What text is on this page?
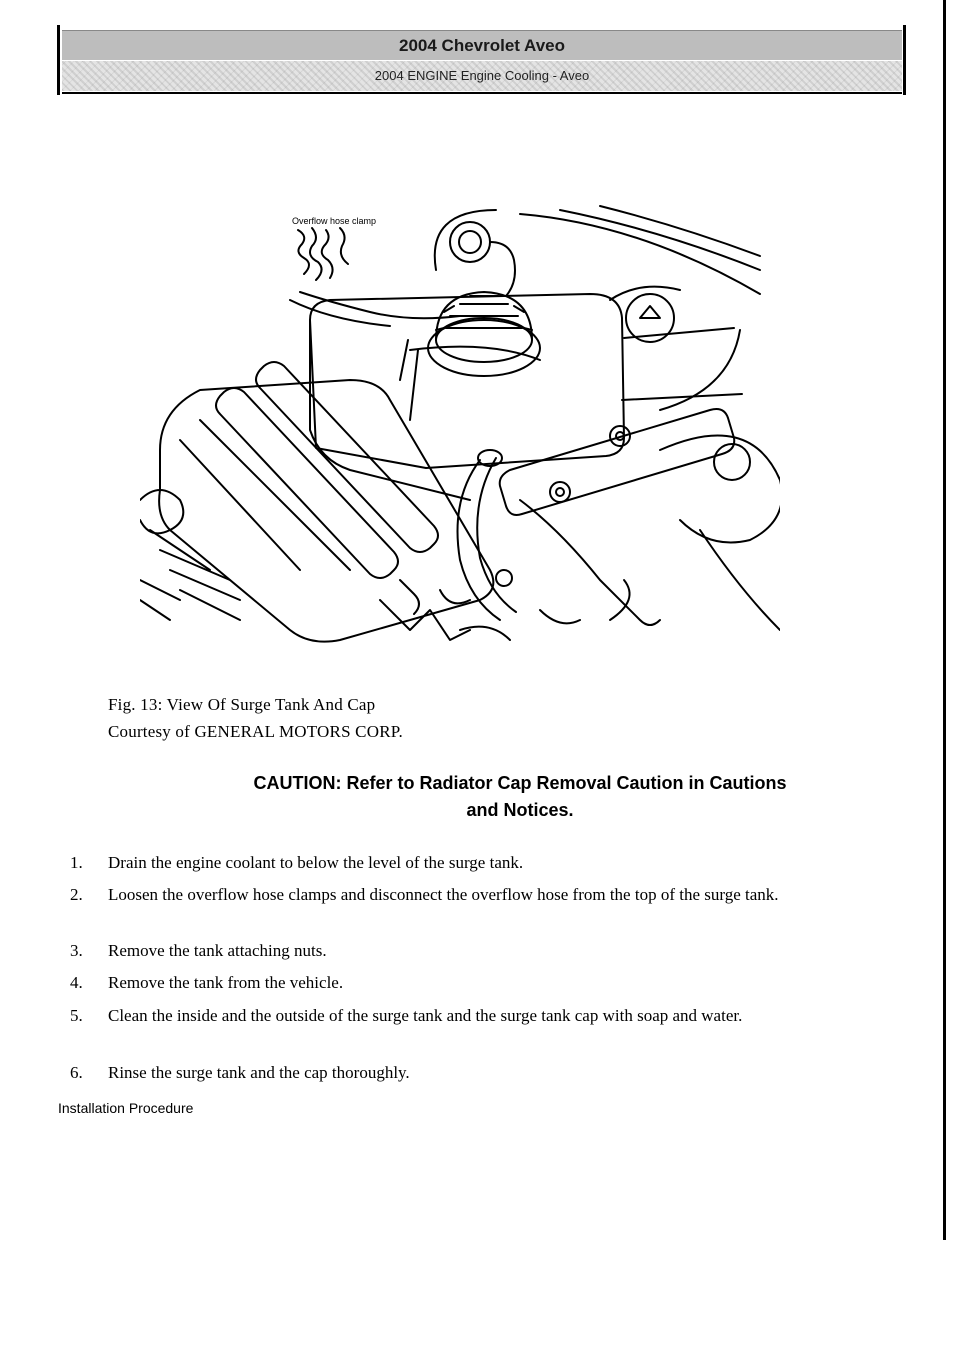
2004 Chevrolet Aveo
2004 ENGINE Engine Cooling - Aveo
Overflow hose clamp
Fig. 13: View Of Surge Tank And Cap
Courtesy of GENERAL MOTORS CORP.
CAUTION: Refer to Radiator Cap Removal Caution in Cautions
and Notices.
1.	Drain the engine coolant to below the level of the surge tank.
2.	Loosen the overflow hose clamps and disconnect the overflow hose from the top of the surge tank.
3.	Remove the tank attaching nuts.
4.	Remove the tank from the vehicle.
5.	Clean the inside and the outside of the surge tank and the surge tank cap with soap and water.
6.	Rinse the surge tank and the cap thoroughly.
Installation Procedure
